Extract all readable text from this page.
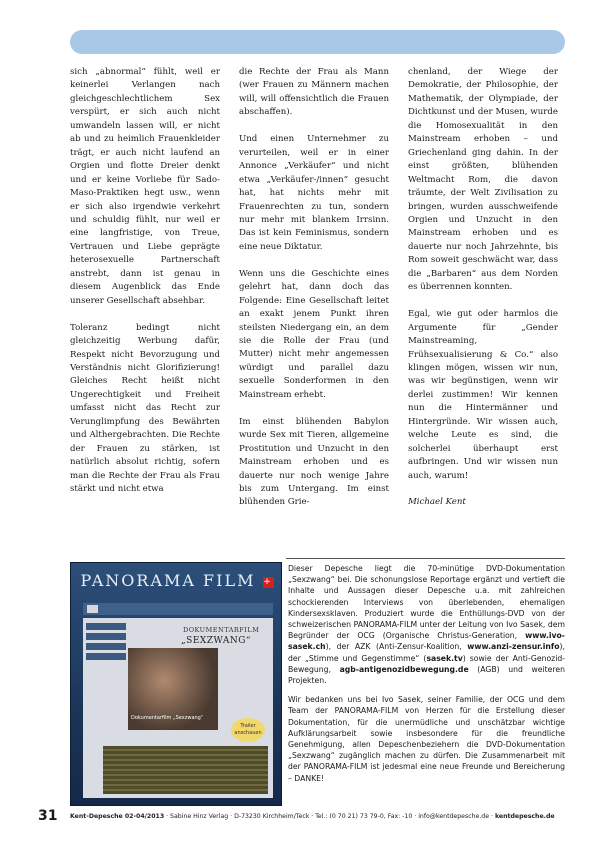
sich „abnormal“ fühlt, weil er keinerlei Verlangen nach gleichgeschlechtlichem Sex verspürt, er sich auch nicht umwandeln lassen will, er nicht ab und zu heimlich Frauenkleider trägt, er auch nicht laufend an Orgien und flotte Dreier denkt und er keine Vorliebe für Sado-Maso-Praktiken hegt usw., wenn er sich also irgendwie verkehrt und schuldig fühlt, nur weil er eine langfristige, von Treue, Vertrauen und Liebe geprägte heterosexuelle Partnerschaft anstrebt, dann ist genau in diesem Augenblick das Ende unserer Gesellschaft absehbar.

Toleranz bedingt nicht gleichzeitig Werbung dafür, Respekt nicht Bevorzugung und Verständnis nicht Glorifizierung! Gleiches Recht heißt nicht Ungerechtigkeit und Freiheit umfasst nicht das Recht zur Verunglimpfung des Bewährten und Althergebrachten. Die Rechte der Frauen zu stärken, ist natürlich absolut richtig, sofern man die Rechte der Frau als Frau stärkt und nicht etwa

die Rechte der Frau als Mann (wer Frauen zu Männern machen will, will offensichtlich die Frauen abschaffen).

Und einen Unternehmer zu verurteilen, weil er in einer Annonce „Verkäufer“ und nicht etwa „Verkäufer-/innen“ gesucht hat, hat nichts mehr mit Frauenrechten zu tun, sondern nur mehr mit blankem Irrsinn. Das ist kein Feminismus, sondern eine neue Diktatur.

Wenn uns die Geschichte eines gelehrt hat, dann doch das Folgende: Eine Gesellschaft leitet an exakt jenem Punkt ihren steilsten Niedergang ein, an dem sie die Rolle der Frau (und Mutter) nicht mehr angemessen würdigt und parallel dazu sexuelle Sonderformen in den Mainstream erhebt.

Im einst blühenden Babylon wurde Sex mit Tieren, allgemeine Prostitution und Unzucht in den Mainstream erhoben und es dauerte nur noch wenige Jahre bis zum Untergang. Im einst blühenden Grie-

chenland, der Wiege der Demokratie, der Philosophie, der Mathematik, der Olympiade, der Dichtkunst und der Musen, wurde die Homosexualität in den Mainstream erhoben – und Griechenland ging dahin. In der einst größten, blühenden Weltmacht Rom, die davon träumte, der Welt Zivilisation zu bringen, wurden ausschweifende Orgien und Unzucht in den Mainstream erhoben und es dauerte nur noch Jahrzehnte, bis Rom soweit geschwächt war, dass die „Barbaren“ aus dem Norden es überrennen konnten.

Egal, wie gut oder harmlos die Argumente für „Gender Mainstreaming, Frühsexualisierung & Co.“ also klingen mögen, wissen wir nun, was wir begünstigen, wenn wir derlei zustimmen! Wir kennen nun die Hintermänner und Hintergründe. Wir wissen auch, welche Leute es sind, die solcherlei überhaupt erst aufbringen. Und wir wissen nun auch, warum!

Michael Kent

PANORAMA FILM +

DOKUMENTARFILM
„SEXZWANG“
Dokumentarfilm „Sexzwang“
Trailer anschauen

Dieser Depesche liegt die 70-minütige DVD-Dokumentation „Sexzwang“ bei. Die schonungslose Reportage ergänzt und vertieft die Inhalte und Aussagen dieser Depesche u.a. mit zahlreichen schockierenden Interviews von überlebenden, ehemaligen Kindersexsklaven. Produziert wurde die Enthüllungs-DVD von der schweizerischen PANORAMA-FILM unter der Leitung von Ivo Sasek, dem Begründer der OCG (Organische Christus-Generation, www.ivo-sasek.ch), der AZK (Anti-Zensur-Koalition, www.anzi-zensur.info), der „Stimme und Gegenstimme“ (sasek.tv) sowie der Anti-Genozid-Bewegung, agb-antigenozidbewegung.de (AGB) und weiteren Projekten.

Wir bedanken uns bei Ivo Sasek, seiner Familie, der OCG und dem Team der PANORAMA-FILM von Herzen für die Erstellung dieser Dokumentation, für die unermüdliche und unschätzbar wichtige Aufklärungsarbeit sowie insbesondere für die freundliche Genehmigung, allen Depeschenbeziehern die DVD-Dokumentation „Sexzwang“ zugänglich machen zu dürfen. Die Zusammenarbeit mit der PANORAMA-FILM ist jedesmal eine neue Freunde und Bereicherung – DANKE!

31 Kent-Depesche 02-04/2013 · Sabine Hinz Verlag · D-73230 Kirchheim/Teck · Tel.: (0 70 21) 73 79-0, Fax: -10 · info@kentdepesche.de · kentdepesche.de
